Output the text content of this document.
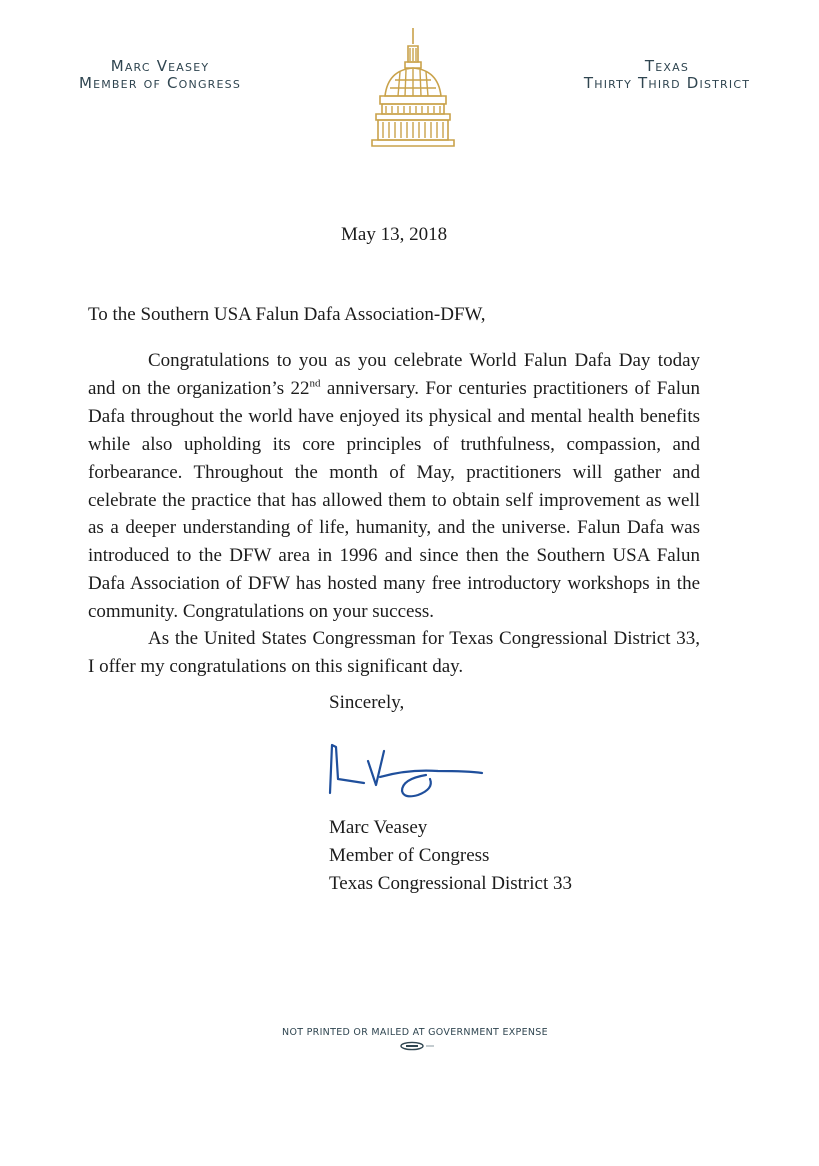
Marc Veasey
Member of Congress
Texas
Thirty Third District
May 13, 2018
To the Southern USA Falun Dafa Association-DFW,
Congratulations to you as you celebrate World Falun Dafa Day today and on the organization’s 22nd anniversary. For centuries practitioners of Falun Dafa throughout the world have enjoyed its physical and mental health benefits while also upholding its core principles of truthfulness, compassion, and forbearance. Throughout the month of May, practitioners will gather and celebrate the practice that has allowed them to obtain self improvement as well as a deeper understanding of life, humanity, and the universe. Falun Dafa was introduced to the DFW area in 1996 and since then the Southern USA Falun Dafa Association of DFW has hosted many free introductory workshops in the community. Congratulations on your success.
As the United States Congressman for Texas Congressional District 33, I offer my congratulations on this significant day.
Sincerely,
Marc Veasey
Member of Congress
Texas Congressional District 33
NOT PRINTED OR MAILED AT GOVERNMENT EXPENSE
